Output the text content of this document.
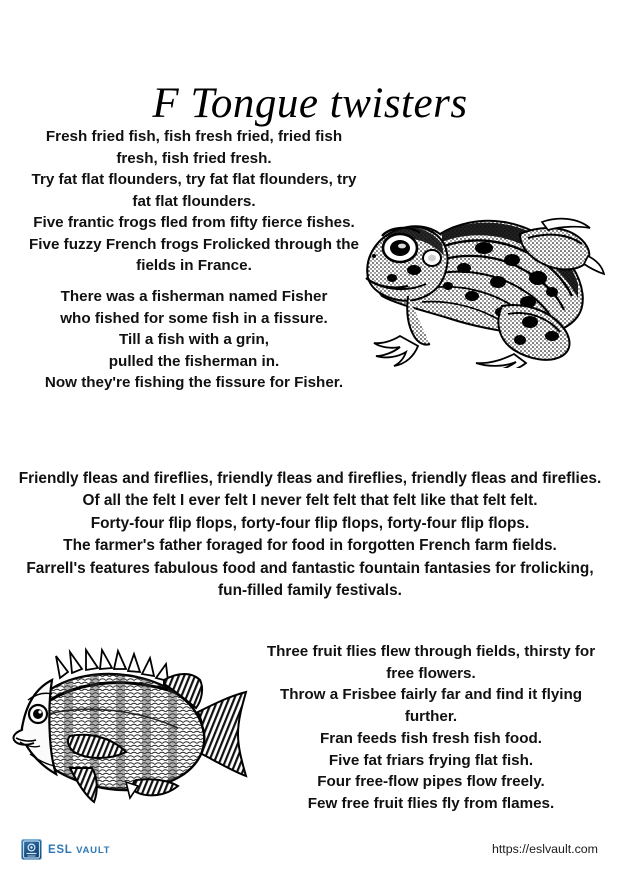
F Tongue twisters

Fresh fried fish, fish fresh fried, fried fish

fresh, fish fried fresh.

Try fat flat flounders, try fat flat flounders, try

fat flat flounders.

Five frantic frogs fled from fifty fierce fishes.

Five fuzzy French frogs Frolicked through the

fields in France.

There was a fisherman named Fisher

who fished for some fish in a fissure.

Till a fish with a grin,

pulled the fisherman in.

Now they're fishing the fissure for Fisher.

Friendly fleas and fireflies, friendly fleas and fireflies, friendly fleas and fireflies.

Of all the felt I ever felt I never felt felt that felt like that felt felt.

Forty-four flip flops, forty-four flip flops, forty-four flip flops.

The farmer's father foraged for food in forgotten French farm fields.

Farrell's features fabulous food and fantastic fountain fantasies for frolicking,

fun-filled family festivals.

Three fruit flies flew through fields, thirsty for

free flowers.

Throw a Frisbee fairly far and find it flying

further.

Fran feeds fish fresh fish food.

Five fat friars frying flat fish.

Four free-flow pipes flow freely.

Few free fruit flies fly from flames.

ESL VAULT	https://eslvault.com
